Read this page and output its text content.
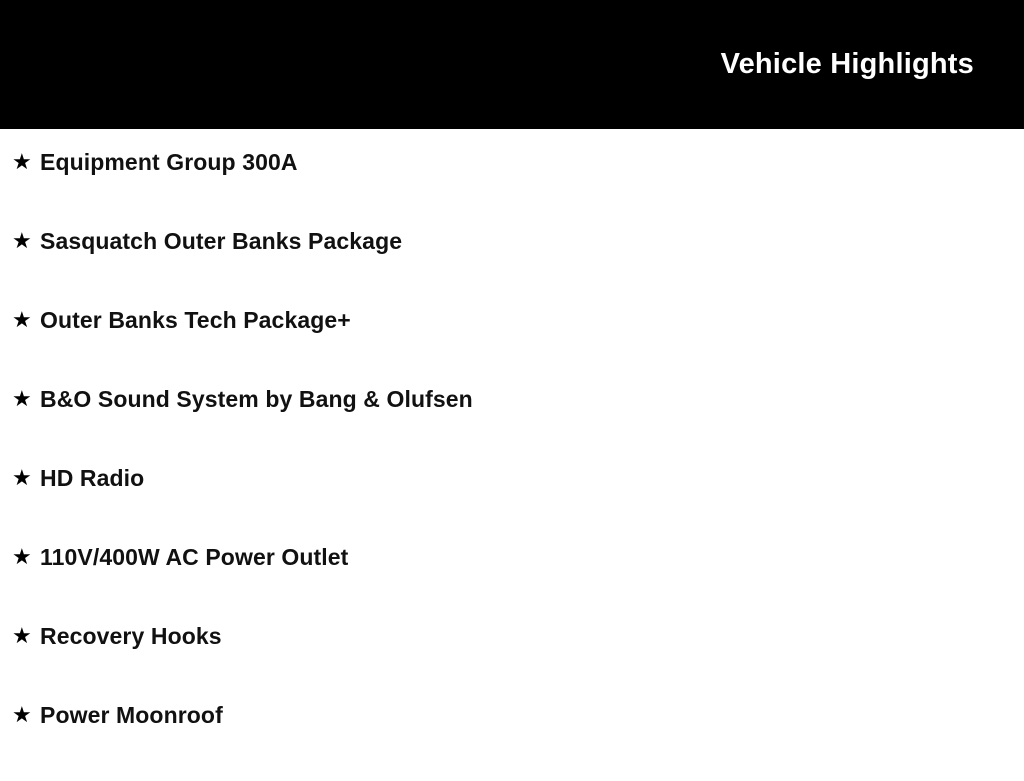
Vehicle Highlights
★ Equipment Group 300A
★ Sasquatch Outer Banks Package
★ Outer Banks Tech Package+
★ B&O Sound System by Bang & Olufsen
★ HD Radio
★ 110V/400W AC Power Outlet
★ Recovery Hooks
★ Power Moonroof
